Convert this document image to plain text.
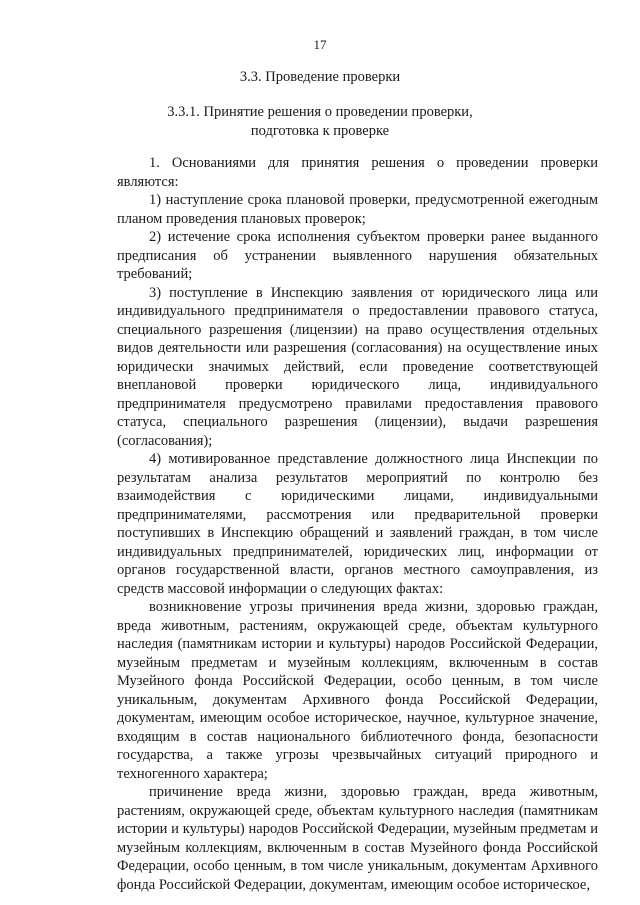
17
3.3. Проведение проверки
3.3.1. Принятие решения о проведении проверки,
подготовка к проверке
1. Основаниями для принятия решения о проведении проверки
являются:
1) наступление срока плановой проверки, предусмотренной ежегодным
планом проведения плановых проверок;
2) истечение срока исполнения субъектом проверки ранее выданного
предписания об устранении выявленного нарушения обязательных
требований;
3) поступление в Инспекцию заявления от юридического лица или
индивидуального предпринимателя о предоставлении правового статуса,
специального разрешения (лицензии) на право осуществления отдельных
видов деятельности или разрешения (согласования) на осуществление иных
юридически значимых действий, если проведение соответствующей
внеплановой проверки юридического лица, индивидуального
предпринимателя предусмотрено правилами предоставления правового
статуса, специального разрешения (лицензии), выдачи разрешения
(согласования);
4) мотивированное представление должностного лица Инспекции по
результатам анализа результатов мероприятий по контролю без
взаимодействия с юридическими лицами, индивидуальными
предпринимателями, рассмотрения или предварительной проверки
поступивших в Инспекцию обращений и заявлений граждан, в том числе
индивидуальных предпринимателей, юридических лиц, информации от
органов государственной власти, органов местного самоуправления, из
средств массовой информации о следующих фактах:
возникновение угрозы причинения вреда жизни, здоровью граждан,
вреда животным, растениям, окружающей среде, объектам культурного
наследия (памятникам истории и культуры) народов Российской Федерации,
музейным предметам и музейным коллекциям, включенным в состав
Музейного фонда Российской Федерации, особо ценным, в том числе
уникальным, документам Архивного фонда Российской Федерации,
документам, имеющим особое историческое, научное, культурное значение,
входящим в состав национального библиотечного фонда, безопасности
государства, а также угрозы чрезвычайных ситуаций природного и
техногенного характера;
причинение вреда жизни, здоровью граждан, вреда животным,
растениям, окружающей среде, объектам культурного наследия (памятникам
истории и культуры) народов Российской Федерации, музейным предметам и
музейным коллекциям, включенным в состав Музейного фонда Российской
Федерации, особо ценным, в том числе уникальным, документам Архивного
фонда Российской Федерации, документам, имеющим особое историческое,
